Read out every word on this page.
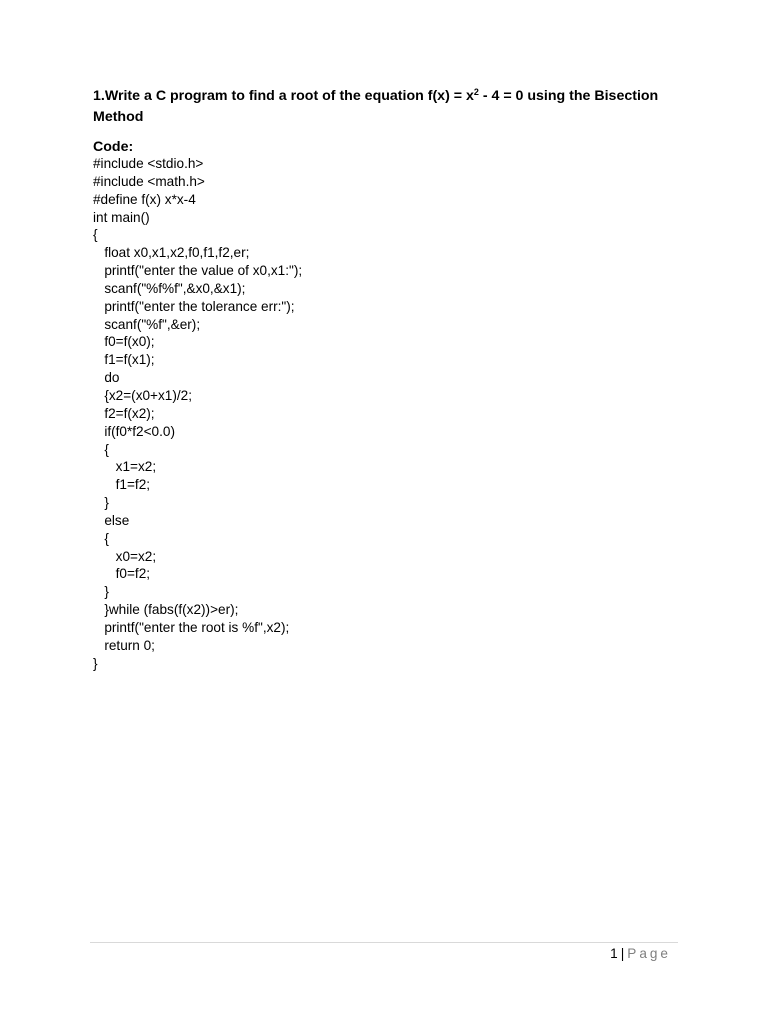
1.Write a C program to find a root of the equation $f(x) = x^2 - 4 = 0$ using the Bisection Method
Code:
#include <stdio.h>
#include <math.h>
#define f(x) x*x-4
int main()
{
float x0,x1,x2,f0,f1,f2,er;
printf("enter the value of x0,x1:");
scanf("%f%f",&x0,&x1);
printf("enter the tolerance err:");
scanf("%f",&er);
f0=f(x0);
f1=f(x1);
do
{x2=(x0+x1)/2;
f2=f(x2);
if(f0*f2<0.0)
{
x1=x2;
f1=f2;
}
else
{
x0=x2;
f0=f2;
}
}while (fabs(f(x2))>er);
printf("enter the root is %f",x2);
return 0;
}
1 | Page
